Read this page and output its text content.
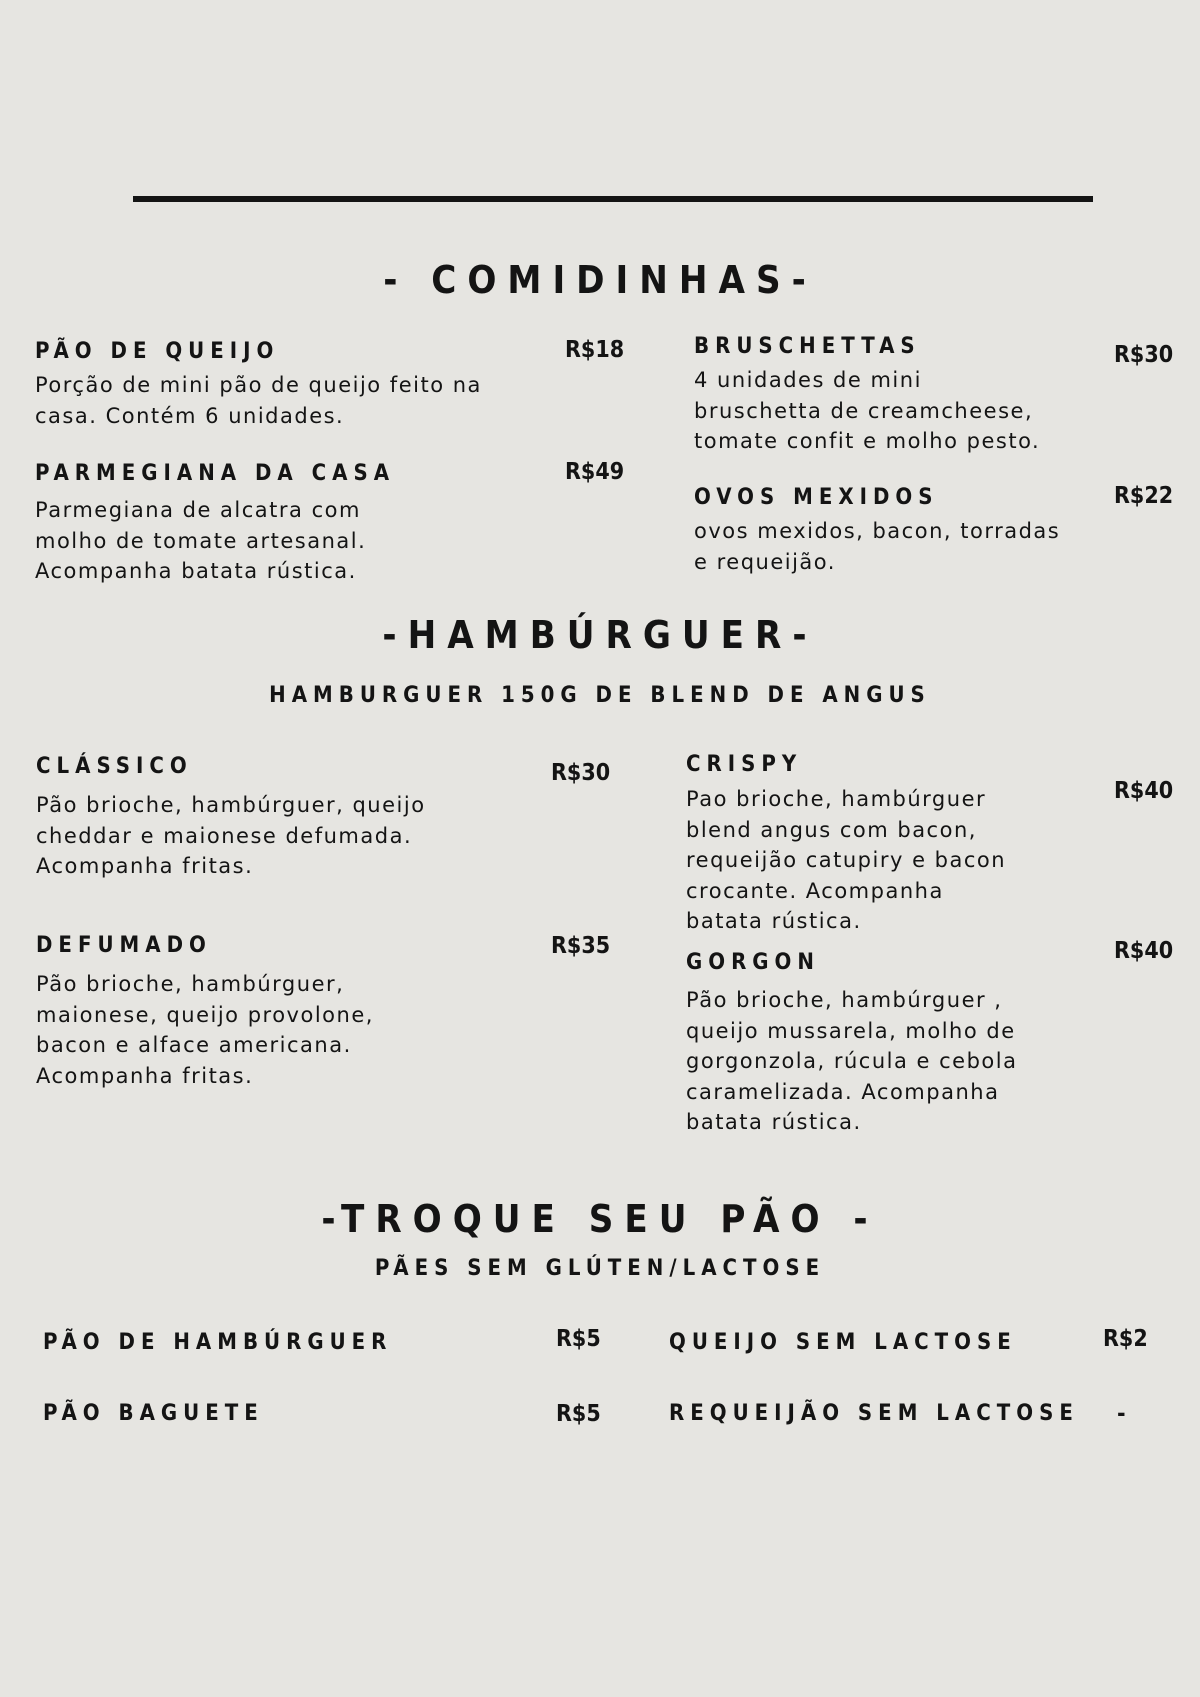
- COMIDINHAS-
PÃO DE QUEIJO	R$18
Porção de mini pão de queijo feito na
casa. Contém 6 unidades.
PARMEGIANA DA CASA	R$49
Parmegiana de alcatra com
molho de tomate artesanal.
Acompanha batata rústica.
BRUSCHETTAS	R$30
4 unidades de mini
bruschetta de creamcheese,
tomate confit e molho pesto.
OVOS MEXIDOS	R$22
ovos mexidos, bacon, torradas
e requeijão.
-HAMBÚRGUER-
HAMBURGUER 150G DE BLEND DE ANGUS
CLÁSSICO	R$30
Pão brioche, hambúrguer, queijo
cheddar e maionese defumada.
Acompanha fritas.
DEFUMADO	R$35
Pão brioche, hambúrguer,
maionese, queijo provolone,
bacon e alface americana.
Acompanha fritas.
CRISPY
R$40
Pao brioche, hambúrguer
blend angus com bacon,
requeijão catupiry e bacon
crocante. Acompanha
batata rústica.
GORGON	R$40
Pão brioche, hambúrguer ,
queijo mussarela, molho de
gorgonzola, rúcula e cebola
caramelizada. Acompanha
batata rústica.
-TROQUE SEU PÃO -
PÃES SEM GLÚTEN/LACTOSE
PÃO DE HAMBÚRGUER	R$5
PÃO BAGUETE	R$5
QUEIJO SEM LACTOSE	R$2
REQUEIJÃO SEM LACTOSE -
